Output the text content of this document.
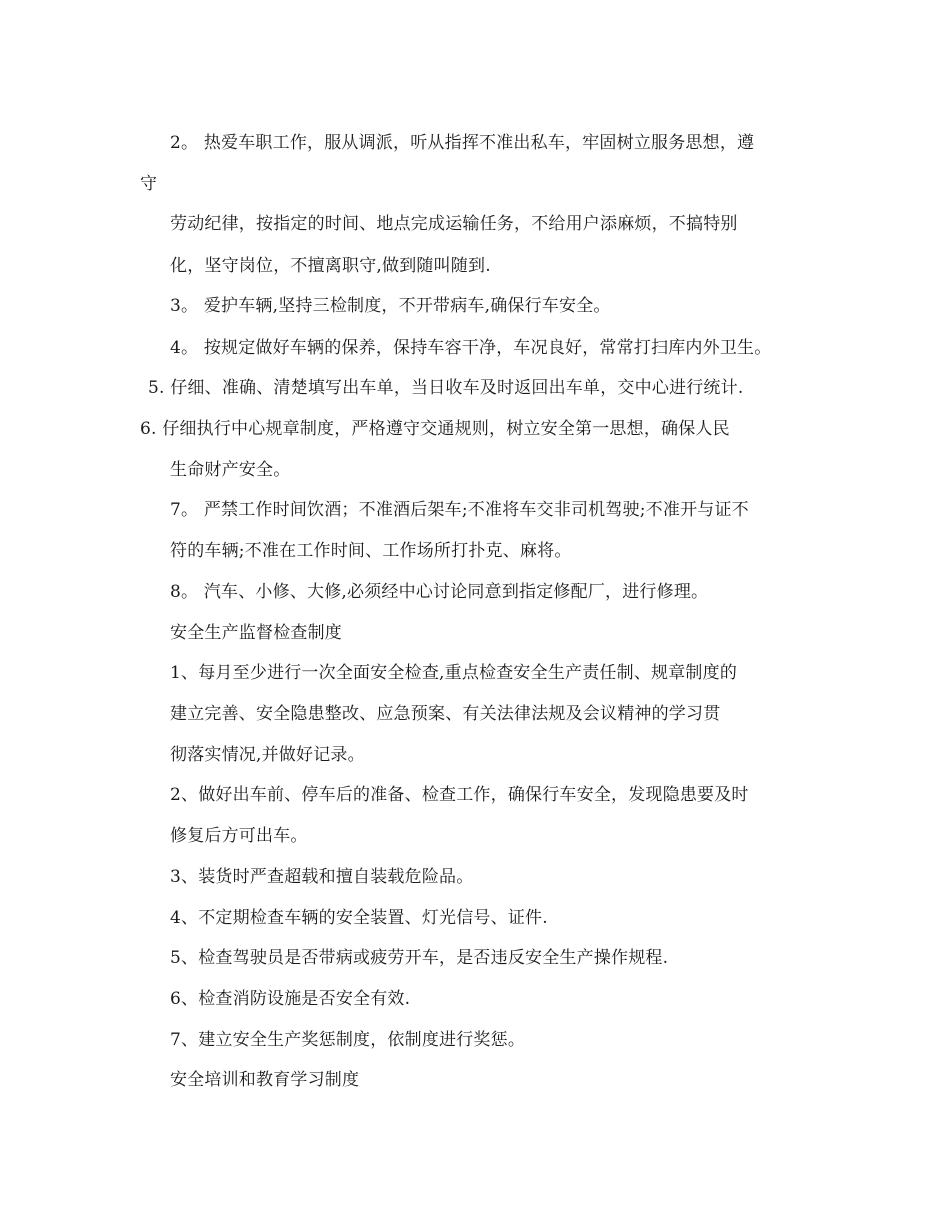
2。 热爱车职工作，服从调派，听从指挥不准出私车，牢固树立服务思想，遵
守
劳动纪律，按指定的时间、地点完成运输任务，不给用户添麻烦，不搞特别
化，坚守岗位，不擅离职守,做到随叫随到.
3。 爱护车辆,坚持三检制度，不开带病车,确保行车安全。
4。 按规定做好车辆的保养，保持车容干净，车况良好，常常打扫库内外卫生。
5. 仔细、准确、清楚填写出车单，当日收车及时返回出车单，交中心进行统计.
6. 仔细执行中心规章制度，严格遵守交通规则，树立安全第一思想，确保人民
生命财产安全。
7。 严禁工作时间饮酒；不准酒后架车;不准将车交非司机驾驶;不准开与证不
符的车辆;不准在工作时间、工作场所打扑克、麻将。
8。 汽车、小修、大修,必须经中心讨论同意到指定修配厂，进行修理。
安全生产监督检查制度
1、每月至少进行一次全面安全检查,重点检查安全生产责任制、规章制度的
建立完善、安全隐患整改、应急预案、有关法律法规及会议精神的学习贯
彻落实情况,并做好记录。
2、做好出车前、停车后的准备、检查工作，确保行车安全，发现隐患要及时
修复后方可出车。
3、装货时严查超载和擅自装载危险品。
4、不定期检查车辆的安全装置、灯光信号、证件.
5、检查驾驶员是否带病或疲劳开车，是否违反安全生产操作规程.
6、检查消防设施是否安全有效.
7、建立安全生产奖惩制度，依制度进行奖惩。
安全培训和教育学习制度
